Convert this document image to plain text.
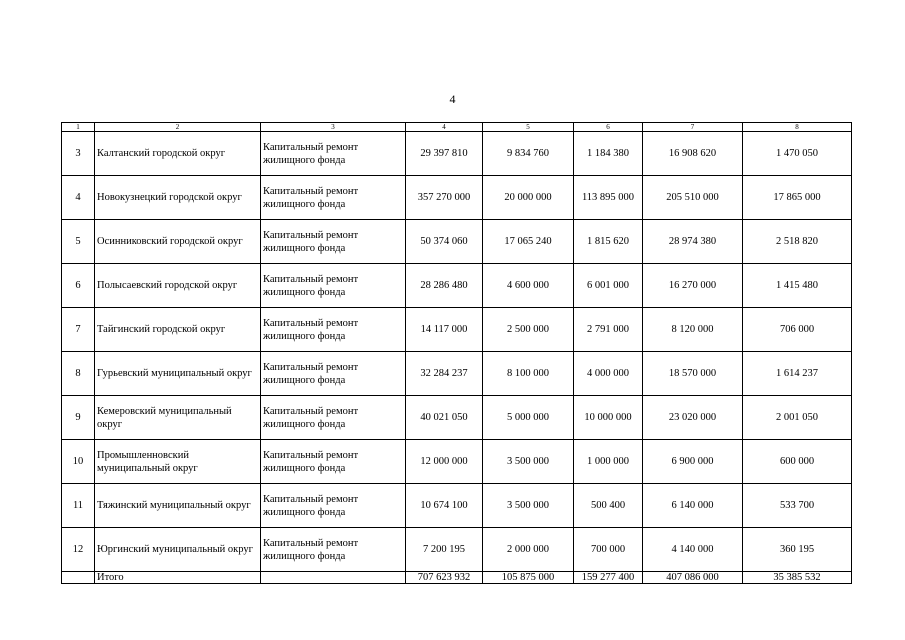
4
1	2	3	4	5	6	7	8
3	Калтанский городской округ	Капитальный ремонт жилищного фонда	29 397 810	9 834 760	1 184 380	16 908 620	1 470 050
4	Новокузнецкий городской округ	Капитальный ремонт жилищного фонда	357 270 000	20 000 000	113 895 000	205 510 000	17 865 000
5	Осинниковский городской округ	Капитальный ремонт жилищного фонда	50 374 060	17 065 240	1 815 620	28 974 380	2 518 820
6	Полысаевский городской округ	Капитальный ремонт жилищного фонда	28 286 480	4 600 000	6 001 000	16 270 000	1 415 480
7	Тайгинский городской округ	Капитальный ремонт жилищного фонда	14 117 000	2 500 000	2 791 000	8 120 000	706 000
8	Гурьевский муниципальный округ	Капитальный ремонт жилищного фонда	32 284 237	8 100 000	4 000 000	18 570 000	1 614 237
9	Кемеровский муниципальный округ	Капитальный ремонт жилищного фонда	40 021 050	5 000 000	10 000 000	23 020 000	2 001 050
10	Промышленновский муниципальный округ	Капитальный ремонт жилищного фонда	12 000 000	3 500 000	1 000 000	6 900 000	600 000
11	Тяжинский муниципальный округ	Капитальный ремонт жилищного фонда	10 674 100	3 500 000	500 400	6 140 000	533 700
12	Юргинский муниципальный округ	Капитальный ремонт жилищного фонда	7 200 195	2 000 000	700 000	4 140 000	360 195
	Итого		707 623 932	105 875 000	159 277 400	407 086 000	35 385 532
